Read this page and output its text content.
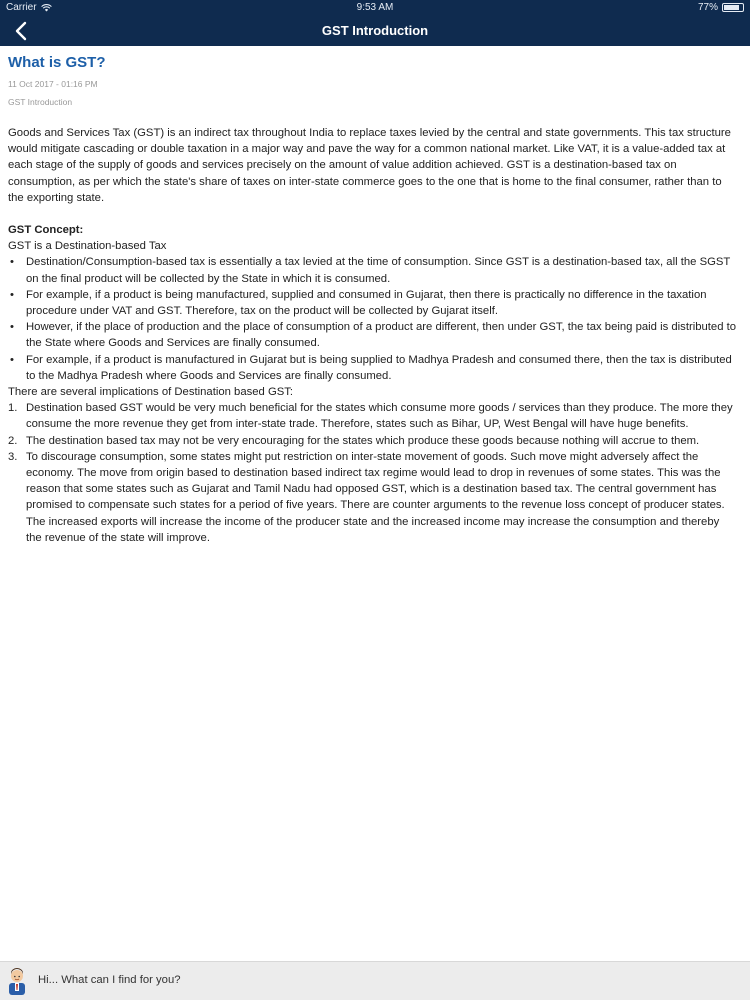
Carrier	9:53 AM	77%
GST Introduction
What is GST?
11 Oct 2017 - 01:16 PM
GST Introduction

Goods and Services Tax (GST) is an indirect tax throughout India to replace taxes levied by the central and state governments. This tax structure would mitigate cascading or double taxation in a major way and pave the way for a common national market. Like VAT, it is a value-added tax at each stage of the supply of goods and services precisely on the amount of value addition achieved. GST is a destination-based tax on consumption, as per which the state's share of taxes on inter-state commerce goes to the one that is home to the final consumer, rather than to the exporting state.

GST Concept:
GST is a Destination-based Tax
• Destination/Consumption-based tax is essentially a tax levied at the time of consumption. Since GST is a destination-based tax, all the SGST on the final product will be collected by the State in which it is consumed.
• For example, if a product is being manufactured, supplied and consumed in Gujarat, then there is practically no difference in the taxation procedure under VAT and GST. Therefore, tax on the product will be collected by Gujarat itself.
• However, if the place of production and the place of consumption of a product are different, then under GST, the tax being paid is distributed to the State where Goods and Services are finally consumed.
• For example, if a product is manufactured in Gujarat but is being supplied to Madhya Pradesh and consumed there, then the tax is distributed to the Madhya Pradesh where Goods and Services are finally consumed.
There are several implications of Destination based GST:
1. Destination based GST would be very much beneficial for the states which consume more goods / services than they produce. The more they consume the more revenue they get from inter-state trade. Therefore, states such as Bihar, UP, West Bengal will have huge benefits.
2. The destination based tax may not be very encouraging for the states which produce these goods because nothing will accrue to them.
3. To discourage consumption, some states might put restriction on inter-state movement of goods. Such move might adversely affect the economy. The move from origin based to destination based indirect tax regime would lead to drop in revenues of some states. This was the reason that some states such as Gujarat and Tamil Nadu had opposed GST, which is a destination based tax. The central government has promised to compensate such states for a period of five years. There are counter arguments to the revenue loss concept of producer states. The increased exports will increase the income of the producer state and the increased income may increase the consumption and thereby the revenue of the state will improve.
Hi... What can I find for you?
